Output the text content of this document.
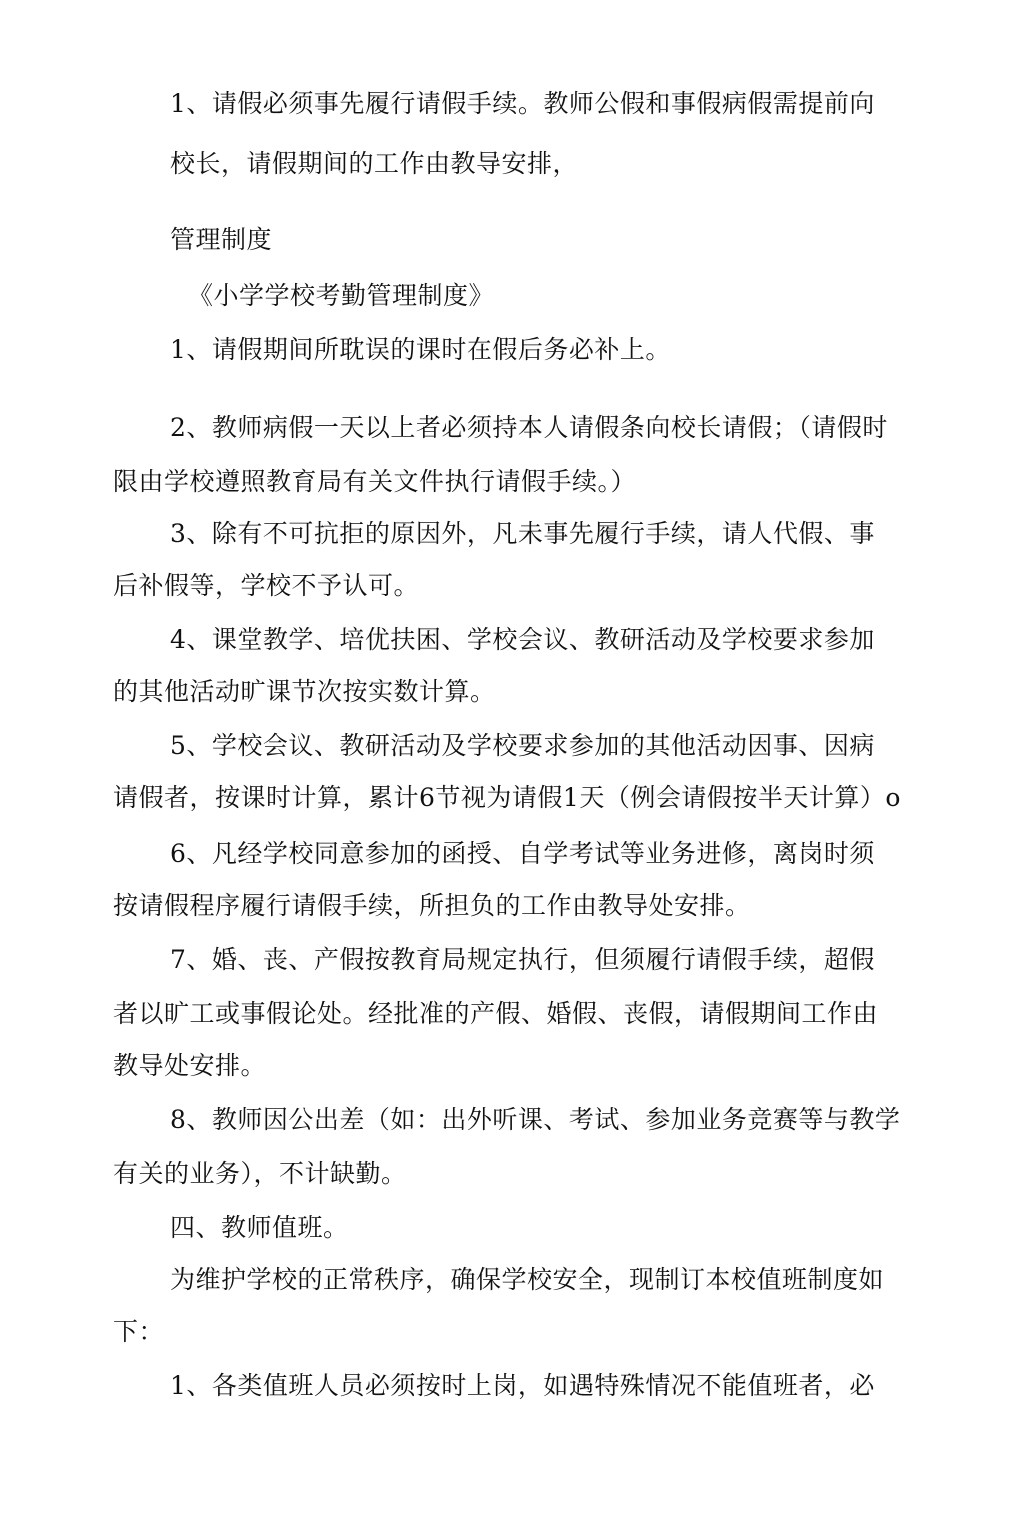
1、请假必须事先履行请假手续。教师公假和事假病假需提前向

校长，请假期间的工作由教导安排，

管理制度

《小学学校考勤管理制度》

1、请假期间所耽误的课时在假后务必补上。

2、教师病假一天以上者必须持本人请假条向校长请假；（请假时

限由学校遵照教育局有关文件执行请假手续。）

3、除有不可抗拒的原因外，凡未事先履行手续，请人代假、事

后补假等，学校不予认可。

4、课堂教学、培优扶困、学校会议、教研活动及学校要求参加

的其他活动旷课节次按实数计算。

5、学校会议、教研活动及学校要求参加的其他活动因事、因病

请假者，按课时计算，累计6节视为请假1天（例会请假按半天计算）o

6、凡经学校同意参加的函授、自学考试等业务进修，离岗时须

按请假程序履行请假手续，所担负的工作由教导处安排。

7、婚、丧、产假按教育局规定执行，但须履行请假手续，超假

者以旷工或事假论处。经批准的产假、婚假、丧假，请假期间工作由

教导处安排。

8、教师因公出差（如：出外听课、考试、参加业务竞赛等与教学

有关的业务），不计缺勤。

四、教师值班。

为维护学校的正常秩序，确保学校安全，现制订本校值班制度如

下：

1、各类值班人员必须按时上岗，如遇特殊情况不能值班者，必
